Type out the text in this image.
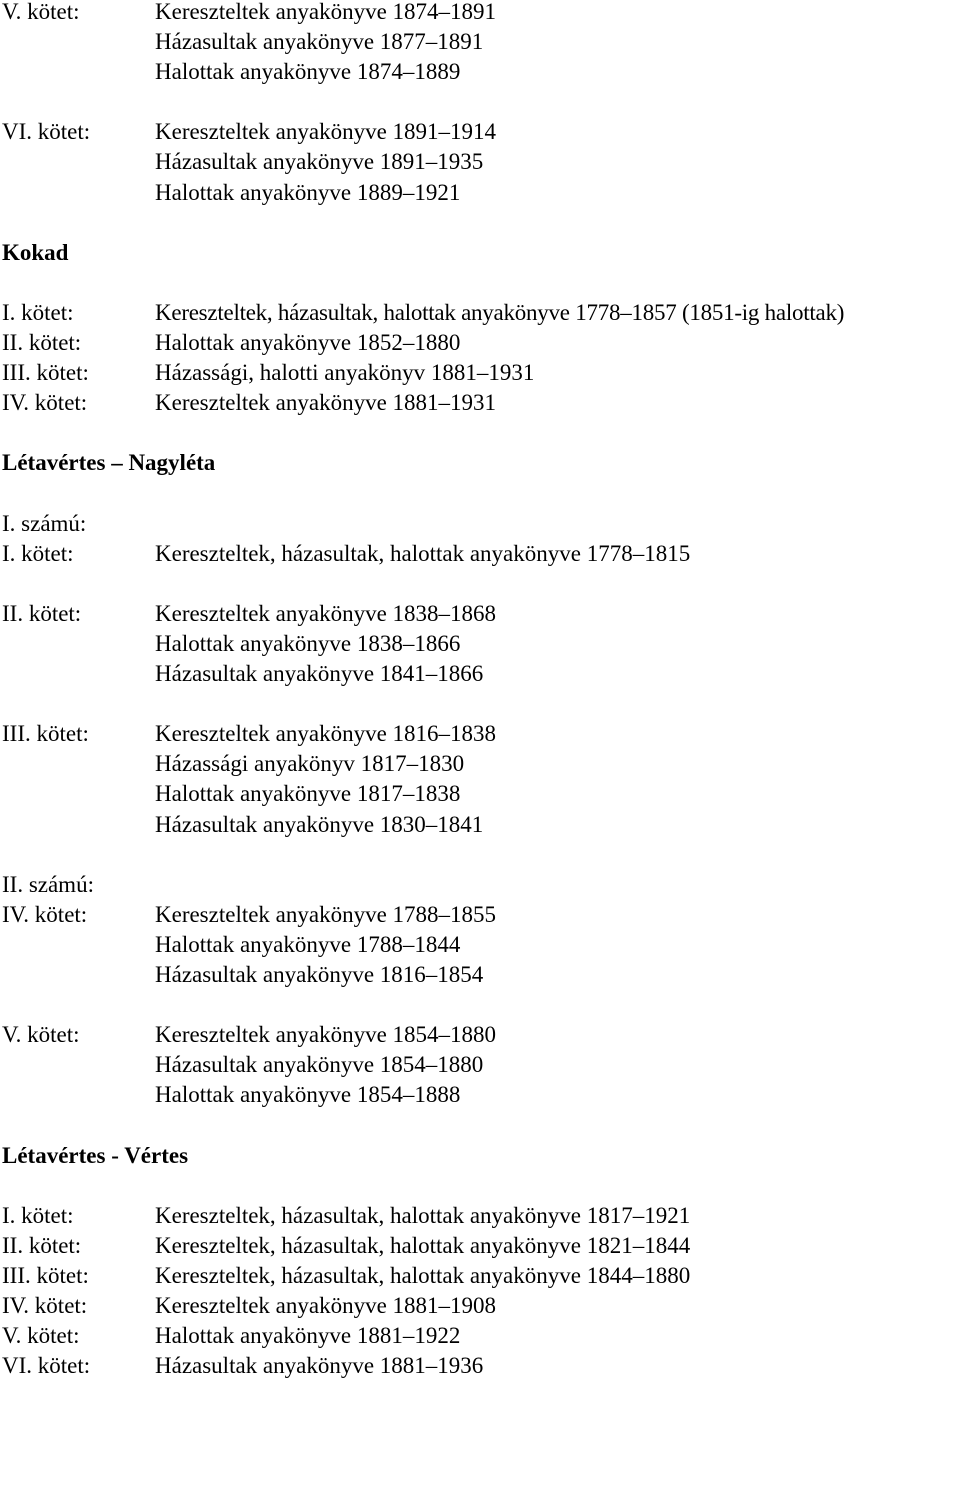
V. kötet:	Kereszteltek anyakönyve 1874–1891
Házasultak anyakönyve 1877–1891
Halottak anyakönyve 1874–1889
VI. kötet:	Kereszteltek anyakönyve 1891–1914
Házasultak anyakönyve 1891–1935
Halottak anyakönyve 1889–1921
Kokad
I. kötet:	Kereszteltek, házasultak, halottak anyakönyve 1778–1857 (1851-ig halottak)
II. kötet:	Halottak anyakönyve 1852–1880
III. kötet:	Házassági, halotti anyakönyv 1881–1931
IV. kötet:	Kereszteltek anyakönyve 1881–1931
Létavértes – Nagyléta
I. számú:
I. kötet:	Kereszteltek, házasultak, halottak anyakönyve 1778–1815
II. kötet:	Kereszteltek anyakönyve 1838–1868
Halottak anyakönyve 1838–1866
Házasultak anyakönyve 1841–1866
III. kötet:	Kereszteltek anyakönyve 1816–1838
Házassági anyakönyv 1817–1830
Halottak anyakönyve 1817–1838
Házasultak anyakönyve 1830–1841
II. számú:
IV. kötet:	Kereszteltek anyakönyve 1788–1855
Halottak anyakönyve 1788–1844
Házasultak anyakönyve 1816–1854
V. kötet:	Kereszteltek anyakönyve 1854–1880
Házasultak anyakönyve 1854–1880
Halottak anyakönyve 1854–1888
Létavértes - Vértes
I. kötet:	Kereszteltek, házasultak, halottak anyakönyve 1817–1921
II. kötet:	Kereszteltek, házasultak, halottak anyakönyve 1821–1844
III. kötet:	Kereszteltek, házasultak, halottak anyakönyve 1844–1880
IV. kötet:	Kereszteltek anyakönyve 1881–1908
V. kötet:	Halottak anyakönyve 1881–1922
VI. kötet:	Házasultak anyakönyve 1881–1936
